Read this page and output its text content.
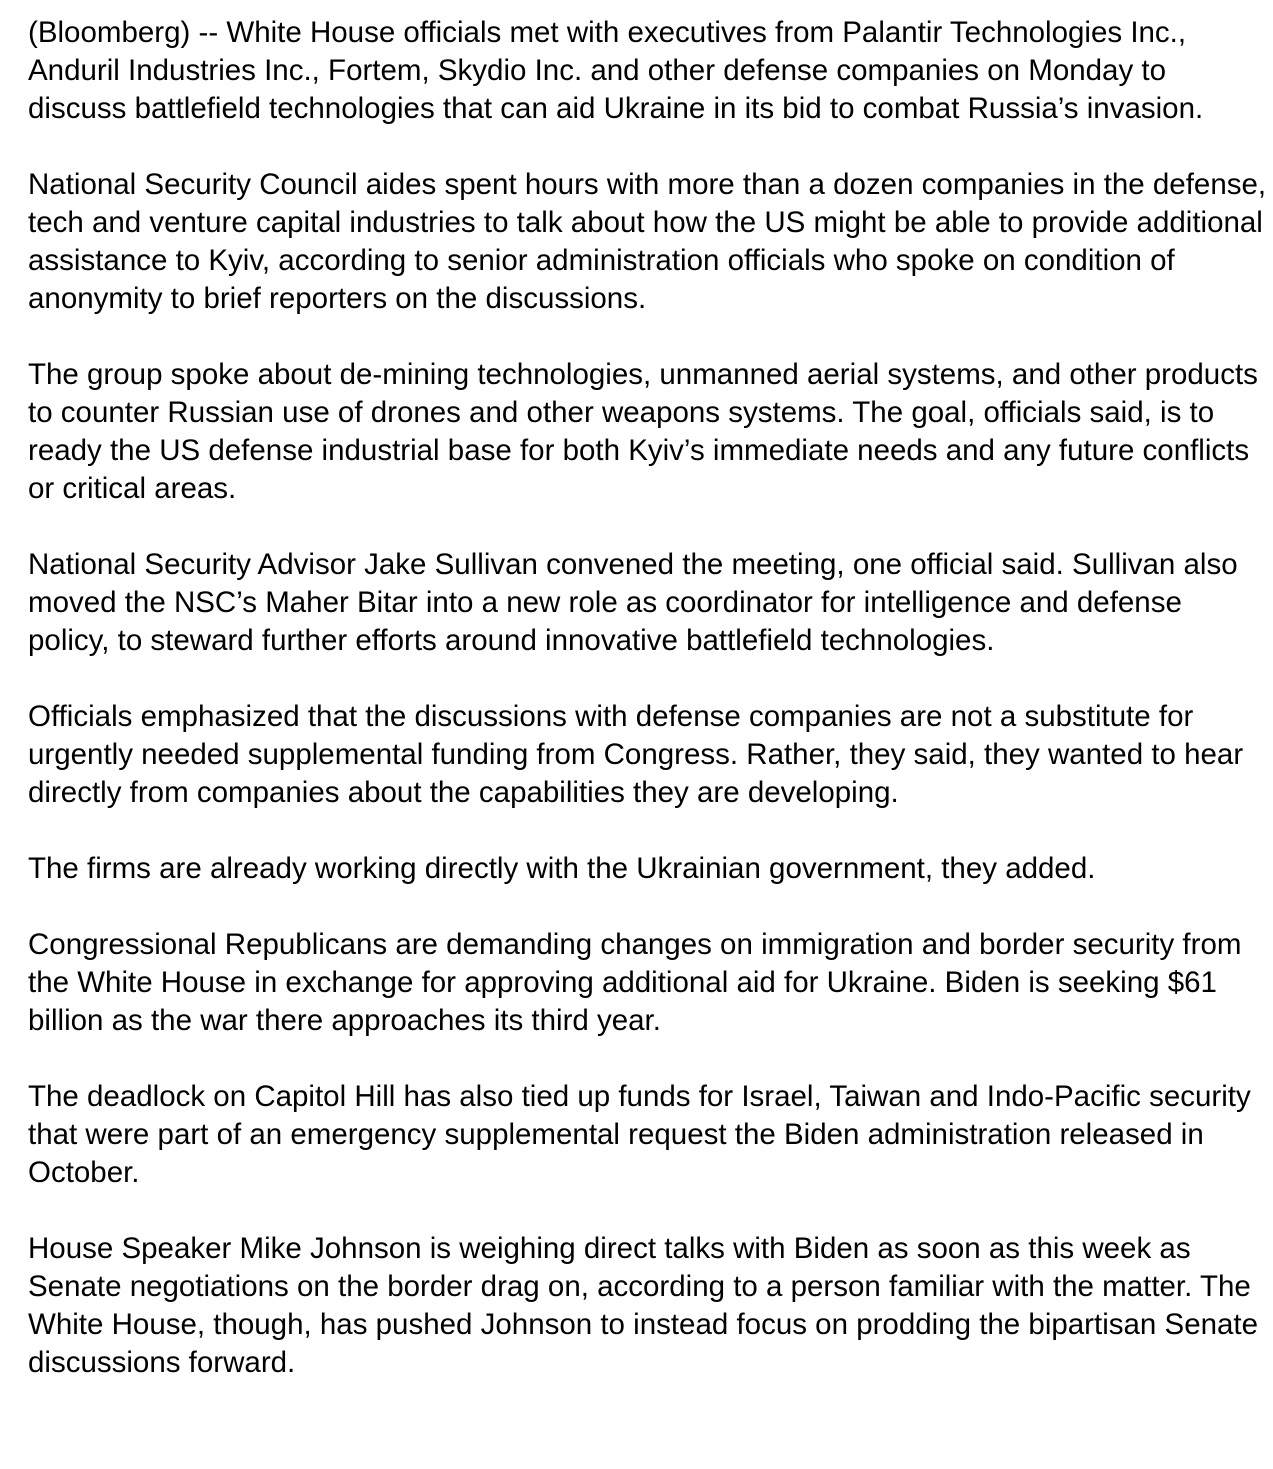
(Bloomberg) -- White House officials met with executives from Palantir Technologies Inc., Anduril Industries Inc., Fortem, Skydio Inc. and other defense companies on Monday to discuss battlefield technologies that can aid Ukraine in its bid to combat Russia’s invasion.

National Security Council aides spent hours with more than a dozen companies in the defense, tech and venture capital industries to talk about how the US might be able to provide additional assistance to Kyiv, according to senior administration officials who spoke on condition of anonymity to brief reporters on the discussions.

The group spoke about de-mining technologies, unmanned aerial systems, and other products to counter Russian use of drones and other weapons systems. The goal, officials said, is to ready the US defense industrial base for both Kyiv’s immediate needs and any future conflicts or critical areas.

National Security Advisor Jake Sullivan convened the meeting, one official said. Sullivan also moved the NSC’s Maher Bitar into a new role as coordinator for intelligence and defense policy, to steward further efforts around innovative battlefield technologies.

Officials emphasized that the discussions with defense companies are not a substitute for urgently needed supplemental funding from Congress. Rather, they said, they wanted to hear directly from companies about the capabilities they are developing.

The firms are already working directly with the Ukrainian government, they added.

Congressional Republicans are demanding changes on immigration and border security from the White House in exchange for approving additional aid for Ukraine. Biden is seeking $61 billion as the war there approaches its third year.

The deadlock on Capitol Hill has also tied up funds for Israel, Taiwan and Indo-Pacific security that were part of an emergency supplemental request the Biden administration released in October.

House Speaker Mike Johnson is weighing direct talks with Biden as soon as this week as Senate negotiations on the border drag on, according to a person familiar with the matter. The White House, though, has pushed Johnson to instead focus on prodding the bipartisan Senate discussions forward.
